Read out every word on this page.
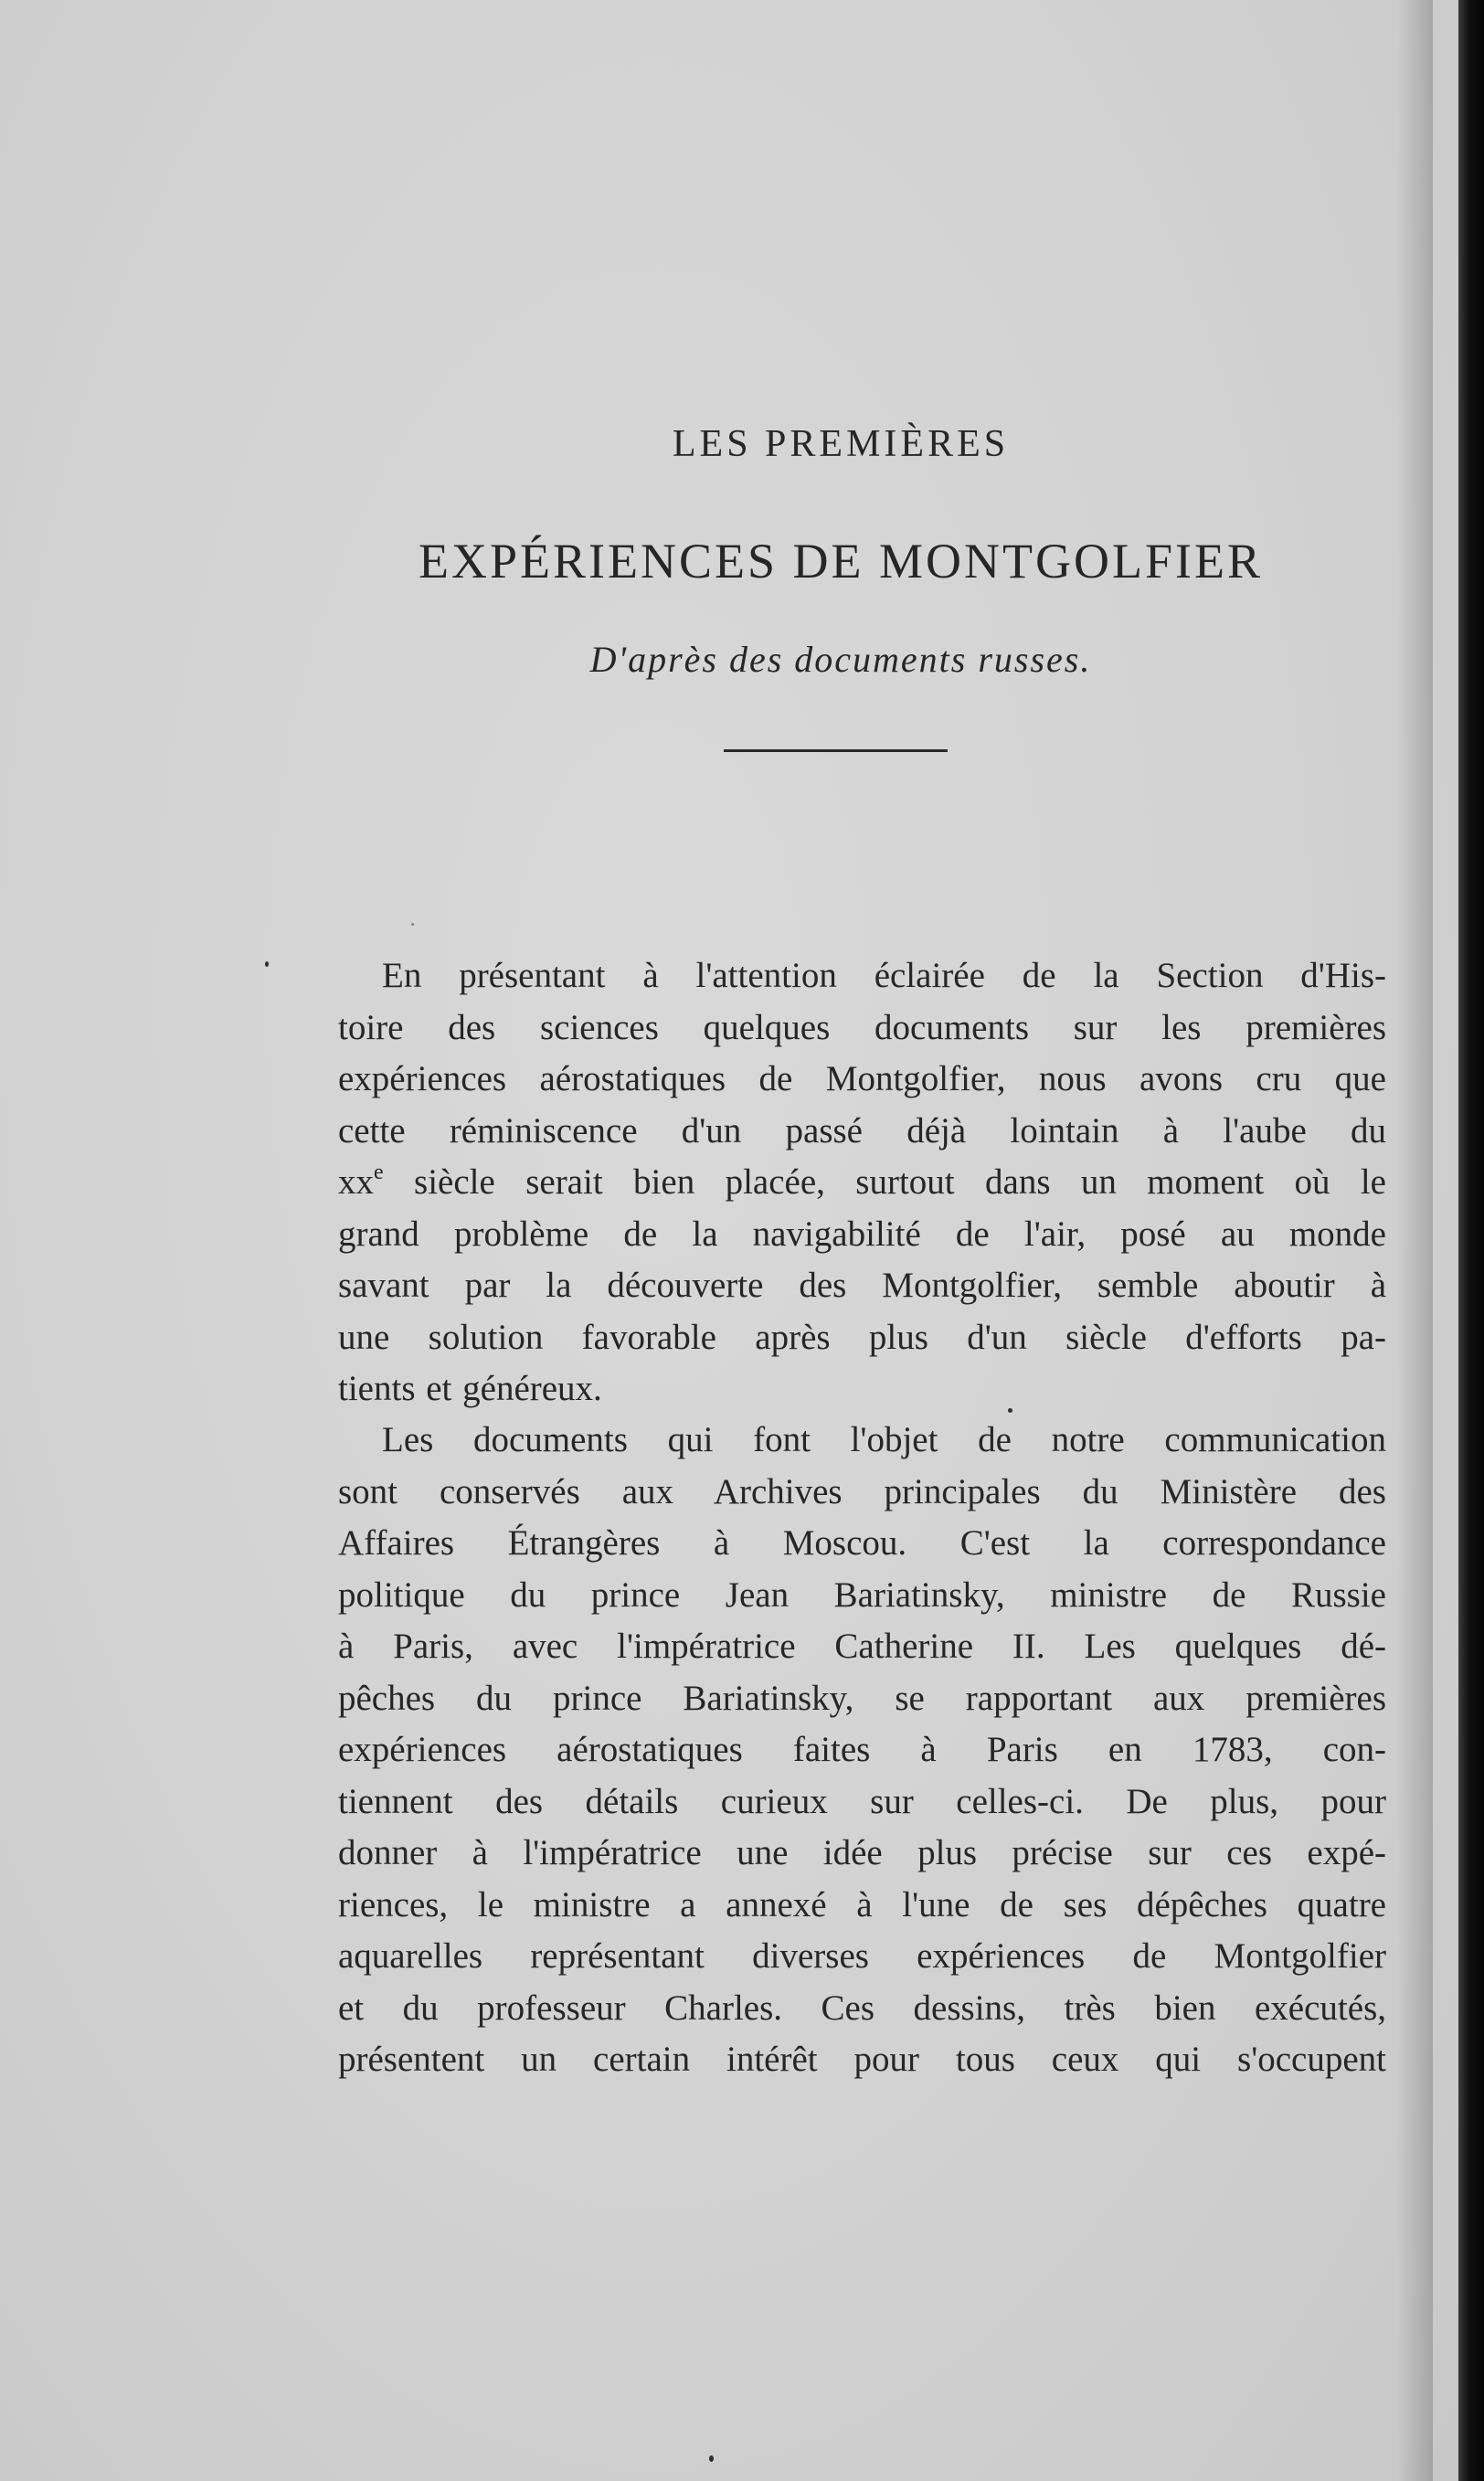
LES PREMIÈRES
EXPÉRIENCES DE MONTGOLFIER

D'après des documents russes.

En présentant à l'attention éclairée de la Section d'His-
toire des sciences quelques documents sur les premières
expériences aérostatiques de Montgolfier, nous avons cru que
cette réminiscence d'un passé déjà lointain à l'aube du
$xx^e$ siècle serait bien placée, surtout dans un moment où le
grand problème de la navigabilité de l'air, posé au monde
savant par la découverte des Montgolfier, semble aboutir à
une solution favorable après plus d'un siècle d'efforts pa-
tients et généreux.
Les documents qui font l'objet de notre communication
sont conservés aux Archives principales du Ministère des
Affaires Étrangères à Moscou. C'est la correspondance
politique du prince Jean Bariatinsky, ministre de Russie
à Paris, avec l'impératrice Catherine II. Les quelques dé-
pêches du prince Bariatinsky, se rapportant aux premières
expériences aérostatiques faites à Paris en 1783, con-
tiennent des détails curieux sur celles-ci. De plus, pour
donner à l'impératrice une idée plus précise sur ces expé-
riences, le ministre a annexé à l'une de ses dépêches quatre
aquarelles représentant diverses expériences de Montgolfier
et du professeur Charles. Ces dessins, très bien exécutés,
présentent un certain intérêt pour tous ceux qui s'occupent
